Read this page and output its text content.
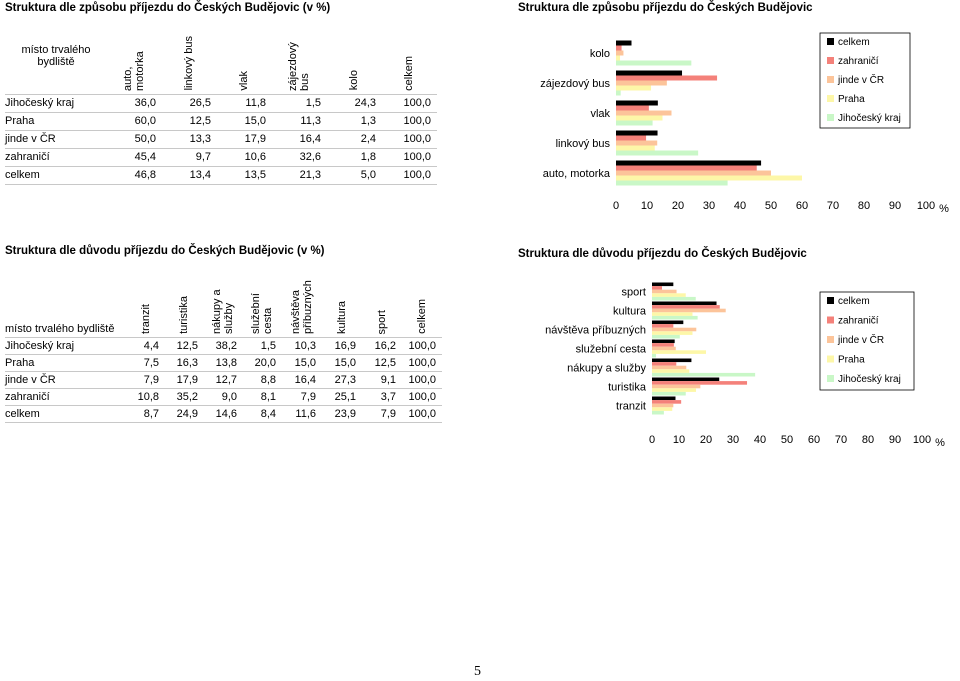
Struktura dle způsobu příjezdu do Českých Budějovic (v %)	Struktura dle způsobu příjezdu do Českých Budějovic
Struktura dle důvodu příjezdu do Českých Budějovic (v %)	Struktura dle důvodu příjezdu do Českých Budějovic
místo trvalého bydliště	auto, motorka	linkový bus	vlak	zájezdový bus	kolo	celkem
Jihočeský kraj	36,0	26,5	11,8	1,5	24,3	100,0
Praha	60,0	12,5	15,0	11,3	1,3	100,0
jinde v ČR	50,0	13,3	17,9	16,4	2,4	100,0
zahraničí	45,4	9,7	10,6	32,6	1,8	100,0
celkem	46,8	13,4	13,5	21,3	5,0	100,0
místo trvalého bydliště	tranzit	turistika	nákupy a služby	služební cesta	návštěva příbuzných	kultura	sport	celkem
Jihočeský kraj	4,4	12,5	38,2	1,5	10,3	16,9	16,2	100,0
Praha	7,5	16,3	13,8	20,0	15,0	15,0	12,5	100,0
jinde v ČR	7,9	17,9	12,7	8,8	16,4	27,3	9,1	100,0
zahraničí	10,8	35,2	9,0	8,1	7,9	25,1	3,7	100,0
celkem	8,7	24,9	14,6	8,4	11,6	23,9	7,9	100,0
kolo
zájezdový bus
vlak
linkový bus
auto, motorka
0 10 20 30 40 50 60 70 80 90 100 %
celkem
zahraničí
jinde v ČR
Praha
Jihočeský kraj
sport
kultura
návštěva příbuzných
služební cesta
nákupy a služby
turistika
tranzit
0 10 20 30 40 50 60 70 80 90 100 %
celkem
zahraničí
jinde v ČR
Praha
Jihočeský kraj
5
